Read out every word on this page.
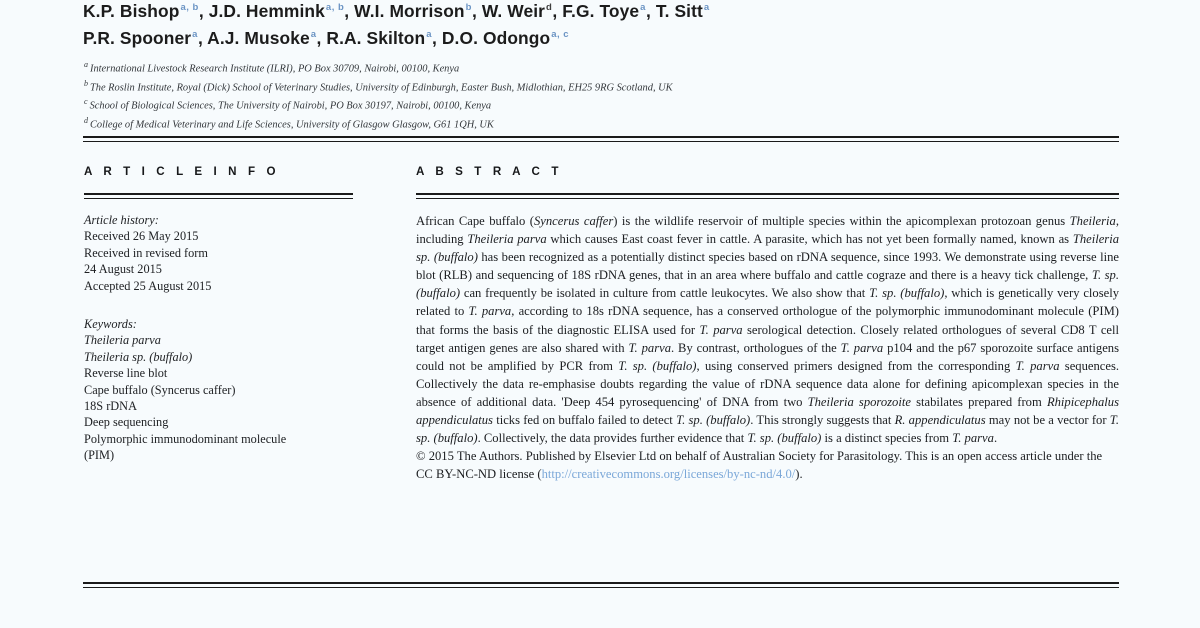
K.P. Bishop$^{a, b}$, J.D. Hemmink$^{a, b}$, W.I. Morrison$^b$, W. Weir$^d$, F.G. Toye$^a$, T. Sitt$^a$
P.R. Spooner$^a$, A.J. Musoke$^a$, R.A. Skilton$^a$, D.O. Odongo$^{a, c}$
$^a$ International Livestock Research Institute (ILRI), PO Box 30709, Nairobi, 00100, Kenya
$^b$ The Roslin Institute, Royal (Dick) School of Veterinary Studies, University of Edinburgh, Easter Bush, Midlothian, EH25 9RG Scotland, UK
$^c$ School of Biological Sciences, The University of Nairobi, PO Box 30197, Nairobi, 00100, Kenya
$^d$ College of Medical Veterinary and Life Sciences, University of Glasgow Glasgow, G61 1QH, UK
A R T I C L E I N F O
Article history:
Received 26 May 2015
Received in revised form
24 August 2015
Accepted 25 August 2015
Keywords:
Theileria parva
Theileria sp. (buffalo)
Reverse line blot
Cape buffalo (Syncerus caffer)
18S rDNA
Deep sequencing
Polymorphic immunodominant molecule
(PIM)
A B S T R A C T

African Cape buffalo (Syncerus caffer) is the wildlife reservoir of multiple species within the apicomplexan protozoan genus Theileria, including Theileria parva which causes East coast fever in cattle. A parasite, which has not yet been formally named, known as Theileria sp. (buffalo) has been recognized as a potentially distinct species based on rDNA sequence, since 1993. We demonstrate using reverse line blot (RLB) and sequencing of 18S rDNA genes, that in an area where buffalo and cattle cograze and there is a heavy tick challenge, T. sp. (buffalo) can frequently be isolated in culture from cattle leukocytes. We also show that T. sp. (buffalo), which is genetically very closely related to T. parva, according to 18s rDNA sequence, has a conserved orthologue of the polymorphic immunodominant molecule (PIM) that forms the basis of the diagnostic ELISA used for T. parva serological detection. Closely related orthologues of several CD8 T cell target antigen genes are also shared with T. parva. By contrast, orthologues of the T. parva p104 and the p67 sporozoite surface antigens could not be amplified by PCR from T. sp. (buffalo), using conserved primers designed from the corresponding T. parva sequences. Collectively the data re-emphasise doubts regarding the value of rDNA sequence data alone for defining apicomplexan species in the absence of additional data. 'Deep 454 pyrosequencing' of DNA from two Theileria sporozoite stabilates prepared from Rhipicephalus appendiculatus ticks fed on buffalo failed to detect T. sp. (buffalo). This strongly suggests that R. appendiculatus may not be a vector for T. sp. (buffalo). Collectively, the data provides further evidence that T. sp. (buffalo) is a distinct species from T. parva.

© 2015 The Authors. Published by Elsevier Ltd on behalf of Australian Society for Parasitology. This is an open access article under the CC BY-NC-ND license (http://creativecommons.org/licenses/by-nc-nd/4.0/).
